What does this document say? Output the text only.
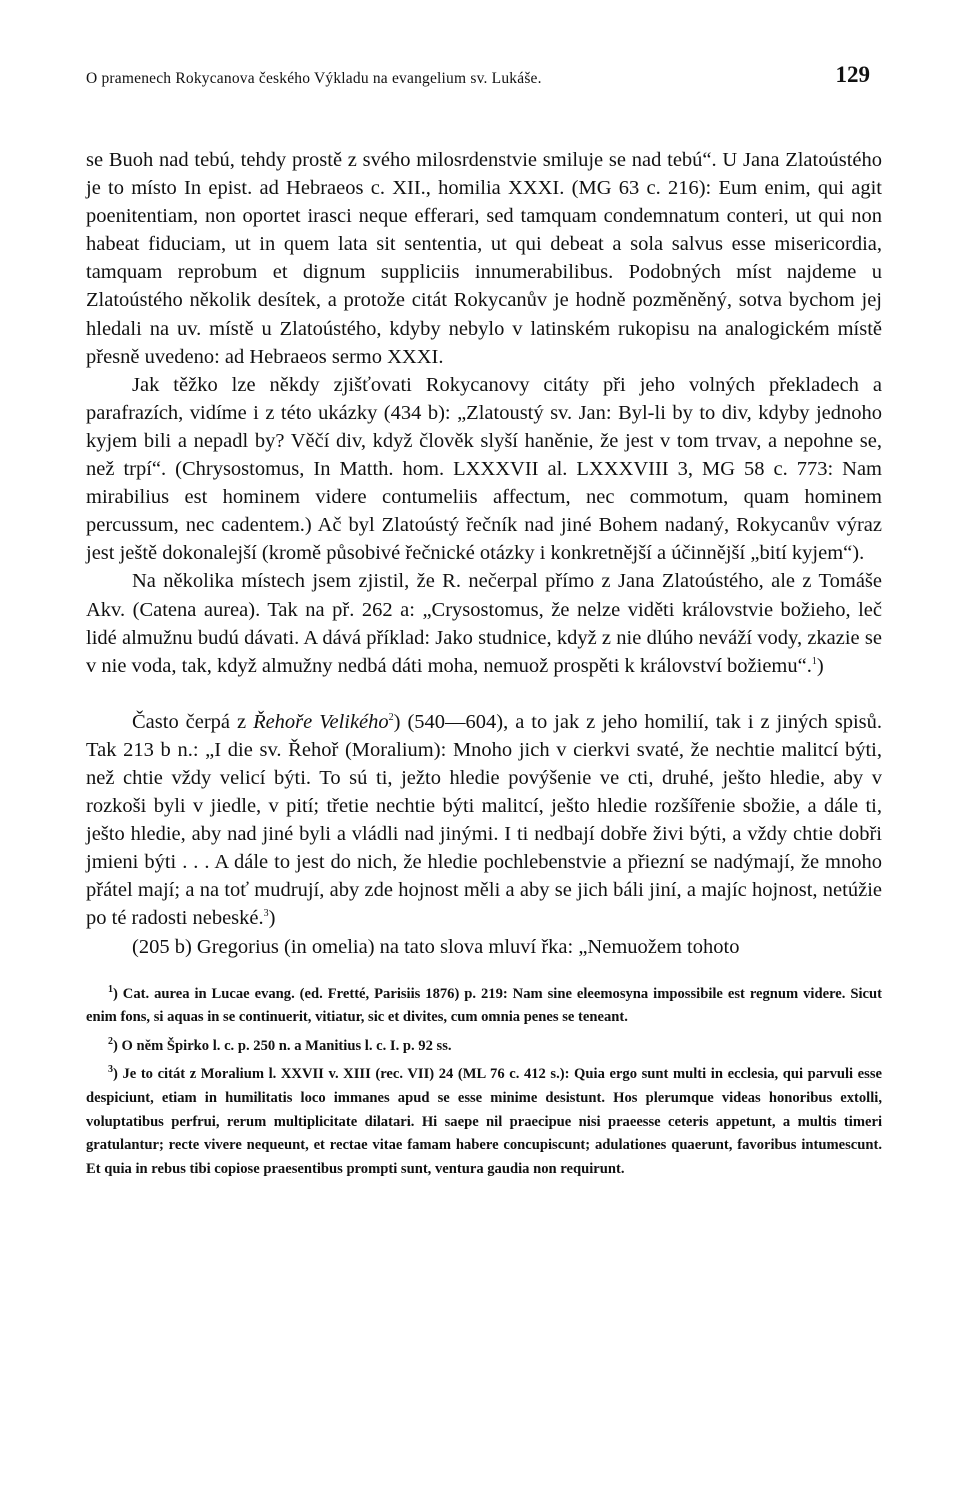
O pramenech Rokycanova českého Výkladu na evangelium sv. Lukáše.	129

se Buoh nad tebú, tehdy prostě z svého milosrdenstvie smiluje se nad tebú“. U Jana Zlatoústého je to místo In epist. ad Hebraeos c. XII., homilia XXXI. (MG 63 c. 216): Eum enim, qui agit poenitentiam, non oportet irasci neque efferari, sed tamquam condemnatum conteri, ut qui non habeat fiduciam, ut in quem lata sit sententia, ut qui debeat a sola salvus esse misericordia, tamquam reprobum et dignum suppliciis innumerabilibus. Podobných míst najdeme u Zlatoústého několik desítek, a protože citát Rokycanův je hodně pozměněný, sotva bychom jej hledali na uv. místě u Zlatoústého, kdyby nebylo v latinském rukopisu na analogickém místě přesně uvedeno: ad Hebraeos sermo XXXI.

Jak těžko lze někdy zjišťovati Rokycanovy citáty při jeho volných překladech a parafrazích, vidíme i z této ukázky (434 b): „Zlatoustý sv. Jan: Byl-li by to div, kdyby jednoho kyjem bili a nepadl by? Věčí div, když člověk slyší haněnie, že jest v tom trvav, a nepohne se, než trpí“. (Chrysostomus, In Matth. hom. LXXXVII al. LXXXVIII 3, MG 58 c. 773: Nam mirabilius est hominem videre contumeliis affectum, nec commotum, quam hominem percussum, nec cadentem.) Ač byl Zlatoústý řečník nad jiné Bohem nadaný, Rokycanův výraz jest ještě dokonalejší (kromě působivé řečnické otázky i konkretnější a účinnější „bití kyjem“).

Na několika místech jsem zjistil, že R. nečerpal přímo z Jana Zlatoústého, ale z Tomáše Akv. (Catena aurea). Tak na př. 262 a: „Crysostomus, že nelze viděti královstvie božieho, leč lidé almužnu budú dávati. A dává příklad: Jako studnice, když z nie dlúho neváží vody, zkazie se v nie voda, tak, když almužny nedbá dáti moha, nemuož prospěti k království božiemu“.$^1$)

Často čerpá z Řehoře Velikého$^2$) (540—604), a to jak z jeho homilií, tak i z jiných spisů. Tak 213 b n.: „I die sv. Řehoř (Moralium): Mnoho jich v cierkvi svaté, že nechtie malitcí býti, než chtie vždy velicí býti. To sú ti, ježto hledie povýšenie ve cti, druhé, ješto hledie, aby v rozkoši byli v jiedle, v pití; třetie nechtie býti malitcí, ješto hledie rozšířenie sbožie, a dále ti, ješto hledie, aby nad jiné byli a vládli nad jinými. I ti nedbají dobře živi býti, a vždy chtie dobři jmieni býti . . . A dále to jest do nich, že hledie pochlebenstvie a přiezní se nadýmají, že mnoho přátel mají; a na toť mudrují, aby zde hojnost měli a aby se jich báli jiní, a majíc hojnost, netúžie po té radosti nebeské.$^3$)

(205 b) Gregorius (in omelia) na tato slova mluví řka: „Nemuožem tohoto

$^1$) Cat. aurea in Lucae evang. (ed. Fretté, Parisiis 1876) p. 219: Nam sine eleemosyna impossibile est regnum videre. Sicut enim fons, si aquas in se continuerit, vitiatur, sic et divites, cum omnia penes se teneant.

$^2$) O něm Špirko l. c. p. 250 n. a Manitius l. c. I. p. 92 ss.

$^3$) Je to citát z Moralium l. XXVII v. XIII (rec. VII) 24 (ML 76 c. 412 s.): Quia ergo sunt multi in ecclesia, qui parvuli esse despiciunt, etiam in humilitatis loco immanes apud se esse minime desistunt. Hos plerumque videas honoribus extolli, voluptatibus perfrui, rerum multiplicitate dilatari. Hi saepe nil praecipue nisi praeesse ceteris appetunt, a multis timeri gratulantur; recte vivere nequeunt, et rectae vitae famam habere concupiscunt; adulationes quaerunt, favoribus intumescunt. Et quia in rebus tibi copiose praesentibus prompti sunt, ventura gaudia non requirunt.
